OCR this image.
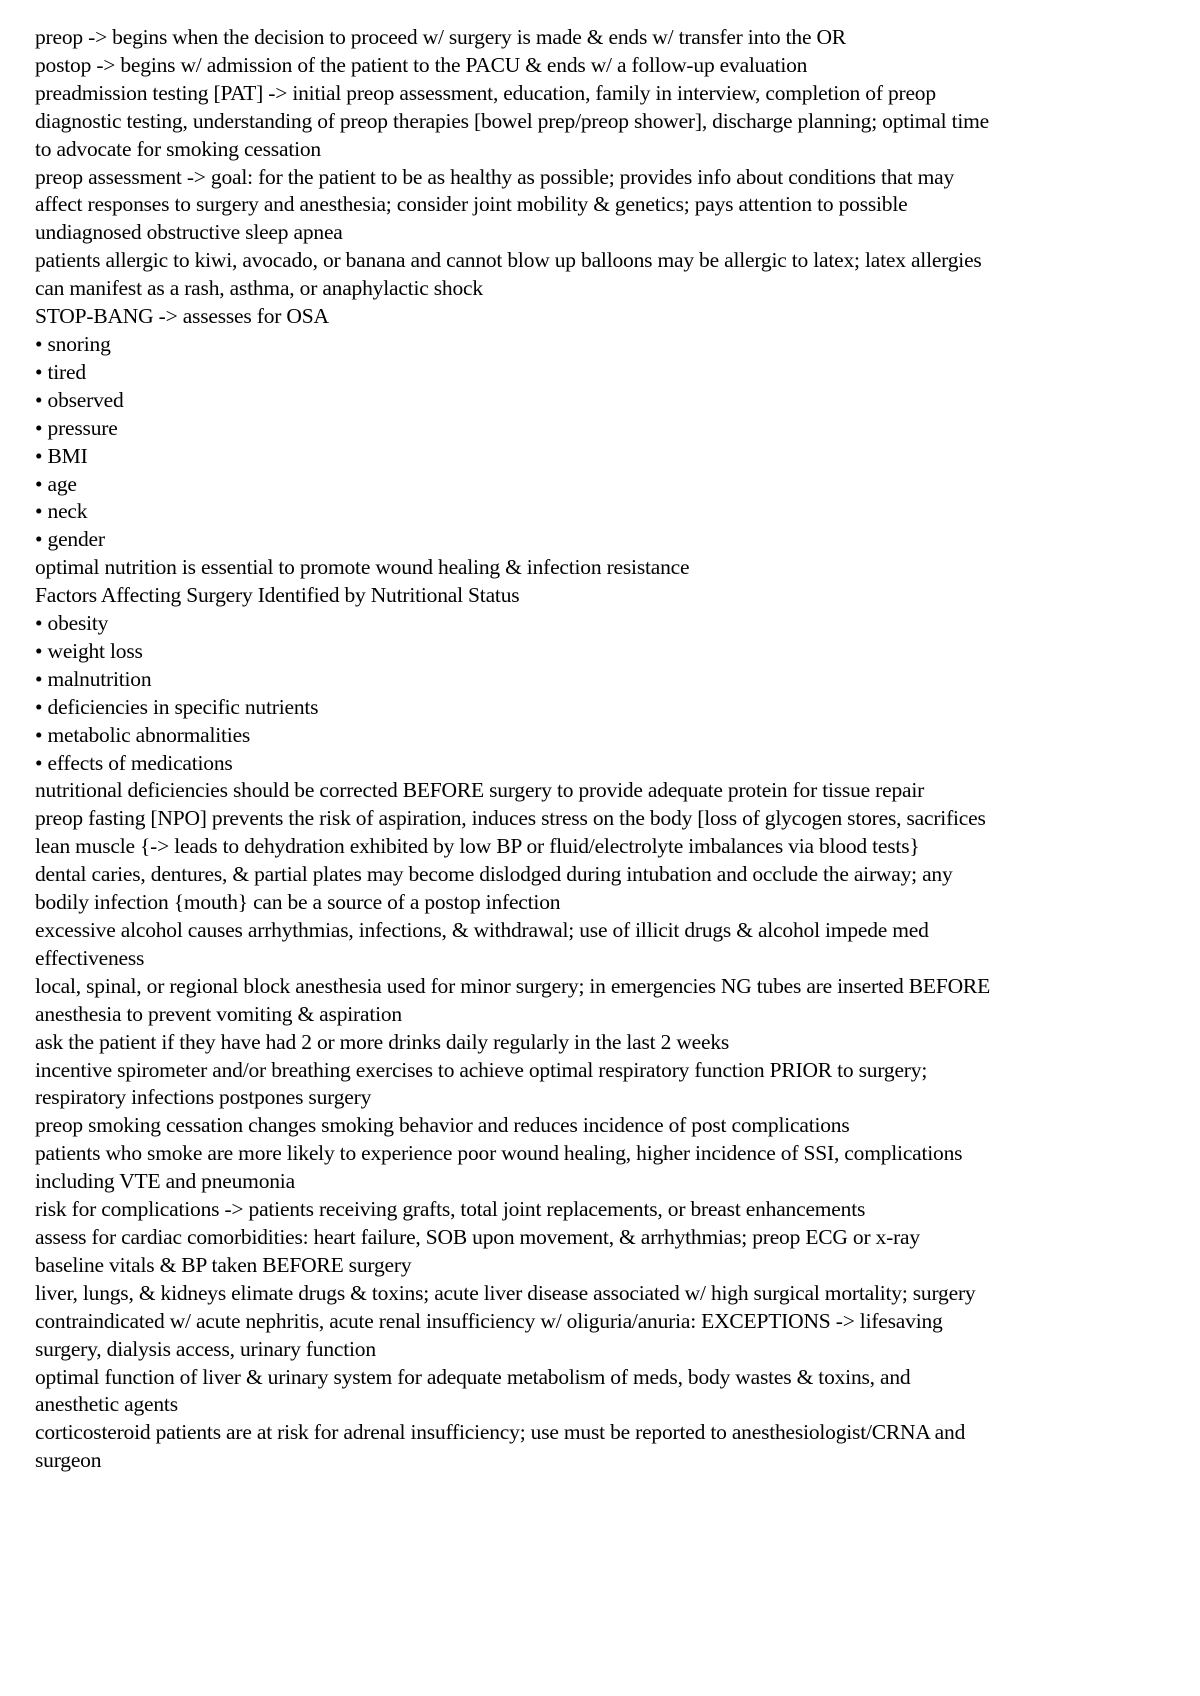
preop -> begins when the decision to proceed w/ surgery is made & ends w/ transfer into the OR

postop -> begins w/ admission of the patient to the PACU & ends w/ a follow-up evaluation

preadmission testing [PAT] -> initial preop assessment, education, family in interview, completion of preop diagnostic testing, understanding of preop therapies [bowel prep/preop shower], discharge planning; optimal time to advocate for smoking cessation

preop assessment -> goal: for the patient to be as healthy as possible; provides info about conditions that may affect responses to surgery and anesthesia; consider joint mobility & genetics; pays attention to possible undiagnosed obstructive sleep apnea

patients allergic to kiwi, avocado, or banana and cannot blow up balloons may be allergic to latex; latex allergies can manifest as a rash, asthma, or anaphylactic shock

STOP-BANG -> assesses for OSA

• snoring

• tired

• observed

• pressure

• BMI

• age

• neck

• gender

optimal nutrition is essential to promote wound healing & infection resistance

Factors Affecting Surgery Identified by Nutritional Status

• obesity

• weight loss

• malnutrition

• deficiencies in specific nutrients

• metabolic abnormalities

• effects of medications

nutritional deficiencies should be corrected BEFORE surgery to provide adequate protein for tissue repair

preop fasting [NPO] prevents the risk of aspiration, induces stress on the body [loss of glycogen stores, sacrifices lean muscle {-> leads to dehydration exhibited by low BP or fluid/electrolyte imbalances via blood tests}

dental caries, dentures, & partial plates may become dislodged during intubation and occlude the airway; any bodily infection {mouth} can be a source of a postop infection

excessive alcohol causes arrhythmias, infections, & withdrawal; use of illicit drugs & alcohol impede med effectiveness

local, spinal, or regional block anesthesia used for minor surgery; in emergencies NG tubes are inserted BEFORE anesthesia to prevent vomiting & aspiration

ask the patient if they have had 2 or more drinks daily regularly in the last 2 weeks

incentive spirometer and/or breathing exercises to achieve optimal respiratory function PRIOR to surgery; respiratory infections postpones surgery

preop smoking cessation changes smoking behavior and reduces incidence of post complications

patients who smoke are more likely to experience poor wound healing, higher incidence of SSI, complications including VTE and pneumonia

risk for complications -> patients receiving grafts, total joint replacements, or breast enhancements

assess for cardiac comorbidities: heart failure, SOB upon movement, & arrhythmias; preop ECG or x-ray

baseline vitals & BP taken BEFORE surgery

liver, lungs, & kidneys elimate drugs & toxins; acute liver disease associated w/ high surgical mortality; surgery contraindicated w/ acute nephritis, acute renal insufficiency w/ oliguria/anuria: EXCEPTIONS -> lifesaving surgery, dialysis access, urinary function

optimal function of liver & urinary system for adequate metabolism of meds, body wastes & toxins, and anesthetic agents

corticosteroid patients are at risk for adrenal insufficiency; use must be reported to anesthesiologist/CRNA and surgeon
